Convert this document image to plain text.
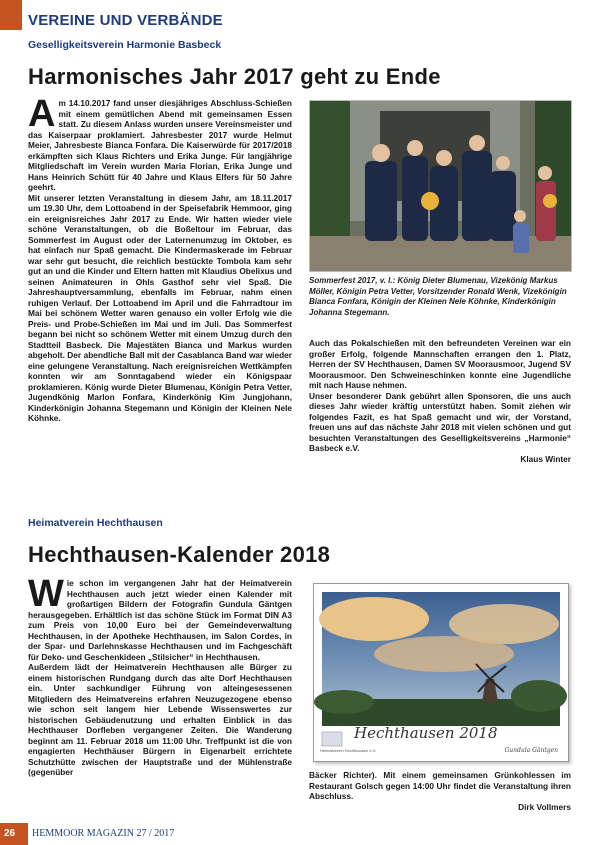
VEREINE UND VERBÄNDE
Geselligkeitsverein Harmonie Basbeck
Harmonisches Jahr 2017 geht zu Ende

Am 14.10.2017 fand unser diesjähriges Abschluss-Schießen mit einem gemütlichen Abend mit gemeinsamen Essen statt. Zu diesem Anlass wurden unsere Vereinsmeister und das Kaiserpaar proklamiert. Jahresbester 2017 wurde Helmut Meier, Jahresbeste Bianca Fonfara. Die Kaiserwürde für 2017/2018 erkämpften sich Klaus Richters und Erika Junge. Für langjährige Mitgliedschaft im Verein wurden Maria Florian, Erika Junge und Hans Heinrich Schütt für 40 Jahre und Klaus Elfers für 50 Jahre geehrt.

Mit unserer letzten Veranstaltung in diesem Jahr, am 18.11.2017 um 19.30 Uhr, dem Lottoabend in der Speisefabrik Hemmoor, ging ein ereignisreiches Jahr 2017 zu Ende. Wir hatten wieder viele schöne Veranstaltungen, ob die Boßeltour im Februar, das Sommerfest im August oder der Laternenumzug im Oktober, es hat einfach nur Spaß gemacht. Die Kindermaskerade im Februar war sehr gut besucht, die reichlich bestückte Tombola kam sehr gut an und die Kinder und Eltern hatten mit Klaudius Obelixus und seinen Animateuren in Ohls Gasthof sehr viel Spaß. Die Jahreshauptversammlung, ebenfalls im Februar, nahm einen ruhigen Verlauf. Der Lottoabend im April und die Fahrradtour im Mai bei schönem Wetter waren genauso ein voller Erfolg wie die Preis- und Probe-Schießen im Mai und im Juli. Das Sommerfest begann bei nicht so schönem Wetter mit einem Umzug durch den Stadtteil Basbeck. Die Majestäten Bianca und Markus wurden abgeholt. Der abendliche Ball mit der Casablanca Band war wieder eine gelungene Veranstaltung. Nach ereignisreichen Wettkämpfen konnten wir am Sonntagabend wieder ein Königspaar proklamieren. König wurde Dieter Blumenau, Königin Petra Vetter, Jugendkönig Marlon Fonfara, Kinderkönig Kim Jungjohann, Kinderkönigin Johanna Stegemann und Königin der Kleinen Nele Köhnke.

Sommerfest 2017, v. l.: König Dieter Blumenau, Vizekönig Markus Möller, Königin Petra Vetter, Vorsitzender Ronald Wenk, Vizekönigin Bianca Fonfara, Königin der Kleinen Nele Köhnke, Kinderkönigin Johanna Stegemann.

Auch das Pokalschießen mit den befreundeten Vereinen war ein großer Erfolg, folgende Mannschaften errangen den 1. Platz, Herren der SV Hechthausen, Damen SV Moorausmoor, Jugend SV Moorausmoor. Den Schweineschinken konnte eine Jugendliche mit nach Hause nehmen.

Unser besonderer Dank gebührt allen Sponsoren, die uns auch dieses Jahr wieder kräftig unterstützt haben. Somit ziehen wir folgendes Fazit, es hat Spaß gemacht und wir, der Vorstand, freuen uns auf das nächste Jahr 2018 mit vielen schönen und gut besuchten Veranstaltungen des Geselligkeitsvereins „Harmonie“ Basbeck e.V.

Klaus Winter

Heimatverein Hechthausen
Hechthausen-Kalender 2018

Wie schon im vergangenen Jahr hat der Heimatverein Hechthausen auch jetzt wieder einen Kalender mit großartigen Bildern der Fotografin Gundula Gäntgen herausgegeben. Erhältlich ist das schöne Stück im Format DIN A3 zum Preis von 10,00 Euro bei der Gemeindeverwaltung Hechthausen, in der Apotheke Hechthausen, im Salon Cordes, in der Spar- und Darlehnskasse Hechthausen und im Fachgeschäft für Deko- und Geschenkideen „Stilsicher“ in Hechthausen.

Außerdem lädt der Heimatverein Hechthausen alle Bürger zu einem historischen Rundgang durch das alte Dorf Hechthausen ein. Unter sachkundiger Führung von alteingesessenen Mitgliedern des Heimatvereins erfahren Neuzugezogene ebenso wie schon seit langem hier Lebende Wissenswertes zur historischen Gebäudenutzung und erhalten Einblick in das Hechthauser Dorfleben vergangener Zeiten. Die Wanderung beginnt am 11. Februar 2018 um 11:00 Uhr. Treffpunkt ist die von engagierten Hechthäuser Bürgern in Eigenarbeit errichtete Schutzhütte zwischen der Hauptstraße und der Mühlenstraße (gegenüber

Hechthausen 2018
Heimatverein Hechthausen e.V.	Gundula Gäntgen

Bäcker Richter). Mit einem gemeinsamen Grünkohlessen im Restaurant Golsch gegen 14:00 Uhr findet die Veranstaltung ihren Abschluss.

Dirk Vollmers

26 HEMMOOR MAGAZIN 27 / 2017
